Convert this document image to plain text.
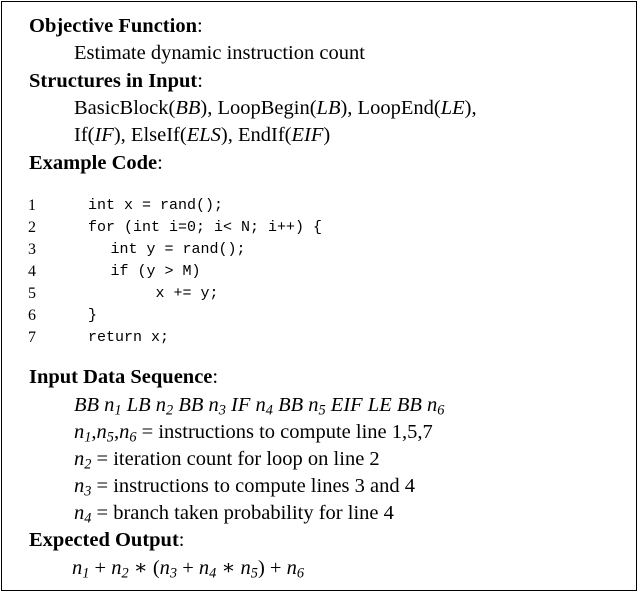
Objective Function:
Estimate dynamic instruction count
Structures in Input:
BasicBlock(BB), LoopBegin(LB), LoopEnd(LE),
If(IF), ElseIf(ELS), EndIf(EIF)
Example Code:
1	int x = rand();
2	for (int i=0; i< N; i++) {
3	int y = rand();
4	if (y > M)
5	x += y;
6	}
7	return x;
Input Data Sequence:
BB $n_1$ LB $n_2$ BB $n_3$ IF $n_4$ BB $n_5$ EIF LE BB $n_6$
$n_1,n_5,n_6$ = instructions to compute line 1,5,7
$n_2$ = iteration count for loop on line 2
$n_3$ = instructions to compute lines 3 and 4
$n_4$ = branch taken probability for line 4
Expected Output:
$n_1 + n_2$ ∗ ($n_3 + n_4$ ∗ $n_5) + n_6$
